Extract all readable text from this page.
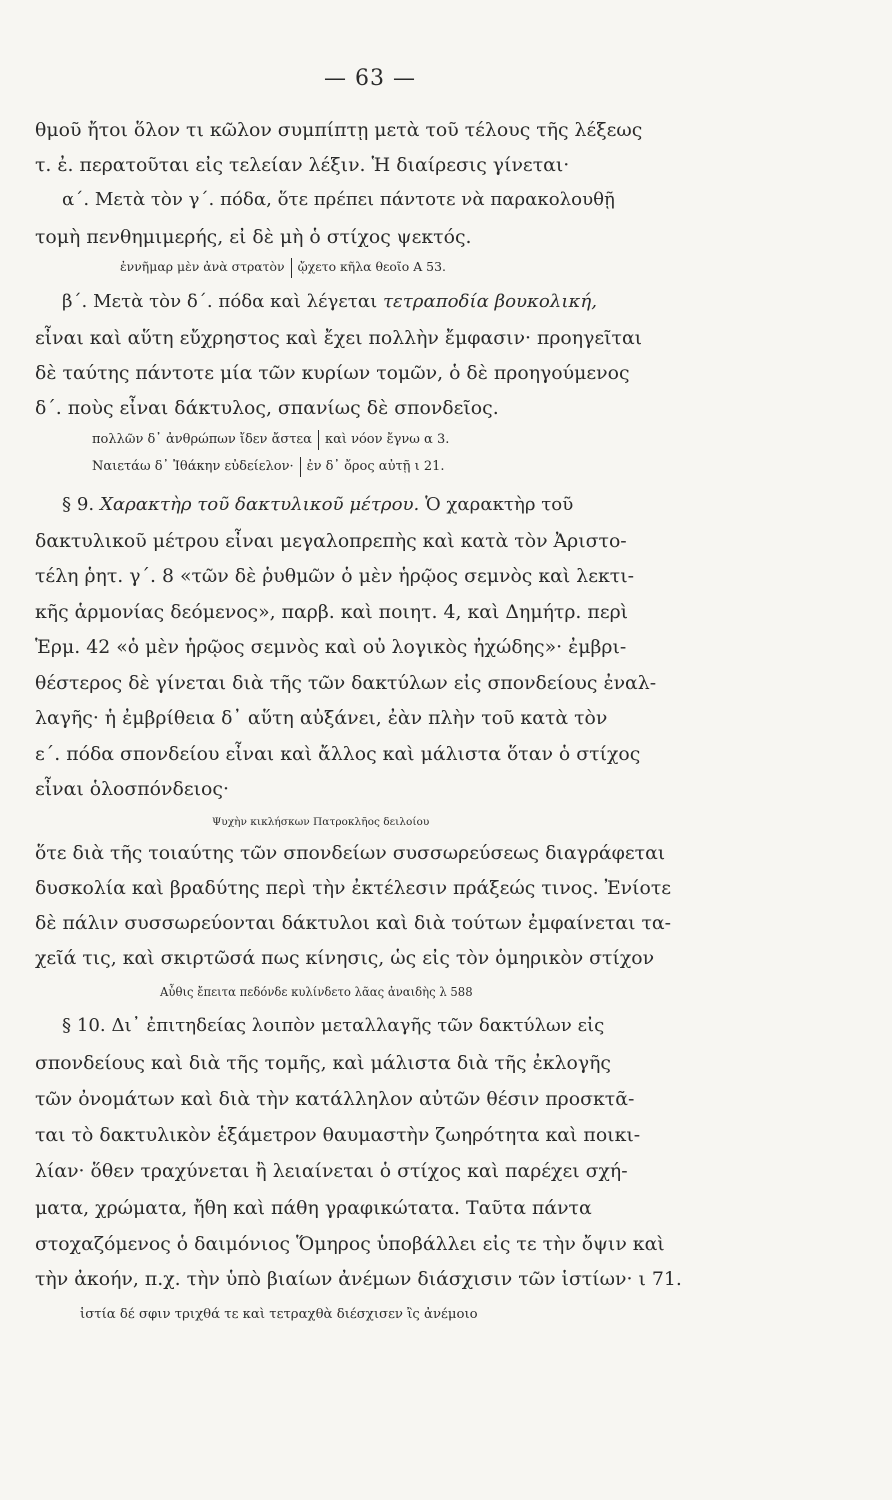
— 63 —
θμοῦ ἤτοι ὅλον τι κῶλον συμπίπτῃ μετὰ τοῦ τέλους τῆς λέξεως
τ. ἐ. περατοῦται εἰς τελείαν λέξιν. Ἡ διαίρεσις γίνεται·
α΄. Μετὰ τὸν γ΄. πόδα, ὅτε πρέπει πάντοτε νὰ παρακολουθῇ
τομὴ πενθημιμερής, εἰ δὲ μὴ ὁ στίχος ψεκτός.
ἐννῆμαρ μὲν ἀνὰ στρατὸν ᾤχετο κῆλα θεοῖο Α 53.
β΄. Μετὰ τὸν δ΄. πόδα καὶ λέγεται τετραποδία βουκολική,
εἶναι καὶ αὕτη εὔχρηστος καὶ ἔχει πολλὴν ἔμφασιν· προηγεῖται
δὲ ταύτης πάντοτε μία τῶν κυρίων τομῶν, ὁ δὲ προηγούμενος
δ΄. ποὺς εἶναι δάκτυλος, σπανίως δὲ σπονδεῖος.
πολλῶν δ᾽ ἀνθρώπων ἴδεν ἄστεα καὶ νόον ἔγνω α 3.
Ναιετάω δ᾽ Ἰθάκην εὐδείελον· ἐν δ᾽ ὄρος αὐτῇ ι 21.
§ 9. Χαρακτὴρ τοῦ δακτυλικοῦ μέτρου. Ὁ χαρακτὴρ τοῦ
δακτυλικοῦ μέτρου εἶναι μεγαλοπρεπὴς καὶ κατὰ τὸν Ἀριστο-
τέλη ῥητ. γ΄. 8 «τῶν δὲ ῥυθμῶν ὁ μὲν ἡρῷος σεμνὸς καὶ λεκτι-
κῆς ἁρμονίας δεόμενος», παρβ. καὶ ποιητ. 4, καὶ Δημήτρ. περὶ
Ἑρμ. 42 «ὁ μὲν ἡρῷος σεμνὸς καὶ οὐ λογικὸς ἠχώδης»· ἐμβρι-
θέστερος δὲ γίνεται διὰ τῆς τῶν δακτύλων εἰς σπονδείους ἐναλ-
λαγῆς· ἡ ἐμβρίθεια δ᾽ αὕτη αὐξάνει, ἐὰν πλὴν τοῦ κατὰ τὸν
ε΄. πόδα σπονδείου εἶναι καὶ ἄλλος καὶ μάλιστα ὅταν ὁ στίχος
εἶναι ὁλοσπόνδειος·
Ψυχὴν κικλήσκων Πατροκλῆος δειλοίου
ὅτε διὰ τῆς τοιαύτης τῶν σπονδείων συσσωρεύσεως διαγράφεται
δυσκολία καὶ βραδύτης περὶ τὴν ἐκτέλεσιν πράξεώς τινος. Ἐνίοτε
δὲ πάλιν συσσωρεύονται δάκτυλοι καὶ διὰ τούτων ἐμφαίνεται τα-
χεῖά τις, καὶ σκιρτῶσά πως κίνησις, ὡς εἰς τὸν ὁμηρικὸν στίχον
Αὖθις ἔπειτα πεδόνδε κυλίνδετο λᾶας ἀναιδὴς λ 588
§ 10. Δι᾽ ἐπιτηδείας λοιπὸν μεταλλαγῆς τῶν δακτύλων εἰς
σπονδείους καὶ διὰ τῆς τομῆς, καὶ μάλιστα διὰ τῆς ἐκλογῆς
τῶν ὀνομάτων καὶ διὰ τὴν κατάλληλον αὐτῶν θέσιν προσκτᾶ-
ται τὸ δακτυλικὸν ἑξάμετρον θαυμαστὴν ζωηρότητα καὶ ποικι-
λίαν· ὅθεν τραχύνεται ἢ λειαίνεται ὁ στίχος καὶ παρέχει σχή-
ματα, χρώματα, ἤθη καὶ πάθη γραφικώτατα. Ταῦτα πάντα
στοχαζόμενος ὁ δαιμόνιος Ὅμηρος ὑποβάλλει εἰς τε τὴν ὄψιν καὶ
τὴν ἀκοήν, π.χ. τὴν ὑπὸ βιαίων ἀνέμων διάσχισιν τῶν ἱστίων· ι 71.
ἱστία δέ σφιν τριχθά τε καὶ τετραχθὰ διέσχισεν ἲς ἀνέμοιο
